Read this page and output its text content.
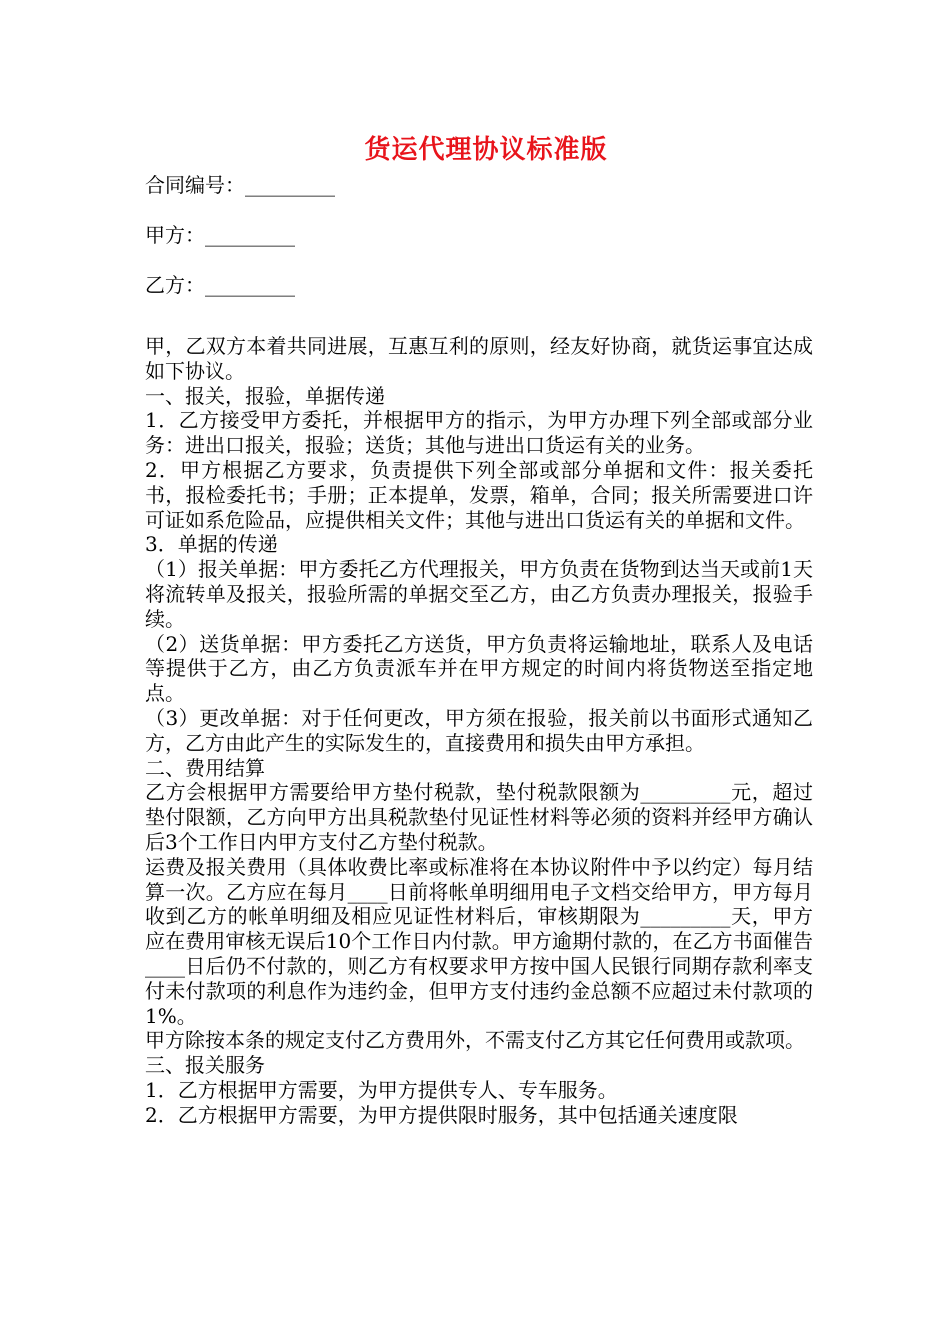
货运代理协议标准版

合同编号：_________

甲方：_________

乙方：_________

甲，乙双方本着共同进展，互惠互利的原则，经友好协商，就货运事宜达成如下协议。

一、报关，报验，单据传递

1．乙方接受甲方委托，并根据甲方的指示，为甲方办理下列全部或部分业务：进出口报关，报验；送货；其他与进出口货运有关的业务。

2．甲方根据乙方要求，负责提供下列全部或部分单据和文件：报关委托书，报检委托书；手册；正本提单，发票，箱单，合同；报关所需要进口许可证如系危险品，应提供相关文件；其他与进出口货运有关的单据和文件。

3．单据的传递

（1）报关单据：甲方委托乙方代理报关，甲方负责在货物到达当天或前1天将流转单及报关，报验所需的单据交至乙方，由乙方负责办理报关，报验手续。

（2）送货单据：甲方委托乙方送货，甲方负责将运输地址，联系人及电话等提供于乙方，由乙方负责派车并在甲方规定的时间内将货物送至指定地点。

（3）更改单据：对于任何更改，甲方须在报验，报关前以书面形式通知乙方，乙方由此产生的实际发生的，直接费用和损失由甲方承担。

二、费用结算

乙方会根据甲方需要给甲方垫付税款，垫付税款限额为_________元，超过垫付限额，乙方向甲方出具税款垫付见证性材料等必须的资料并经甲方确认后3个工作日内甲方支付乙方垫付税款。

运费及报关费用（具体收费比率或标准将在本协议附件中予以约定）每月结算一次。乙方应在每月____日前将帐单明细用电子文档交给甲方，甲方每月收到乙方的帐单明细及相应见证性材料后，审核期限为_________天，甲方应在费用审核无误后10个工作日内付款。甲方逾期付款的，在乙方书面催告____日后仍不付款的，则乙方有权要求甲方按中国人民银行同期存款利率支付未付款项的利息作为违约金，但甲方支付违约金总额不应超过未付款项的1%。

甲方除按本条的规定支付乙方费用外，不需支付乙方其它任何费用或款项。

三、报关服务

1．乙方根据甲方需要，为甲方提供专人、专车服务。

2．乙方根据甲方需要，为甲方提供限时服务，其中包括通关速度限
